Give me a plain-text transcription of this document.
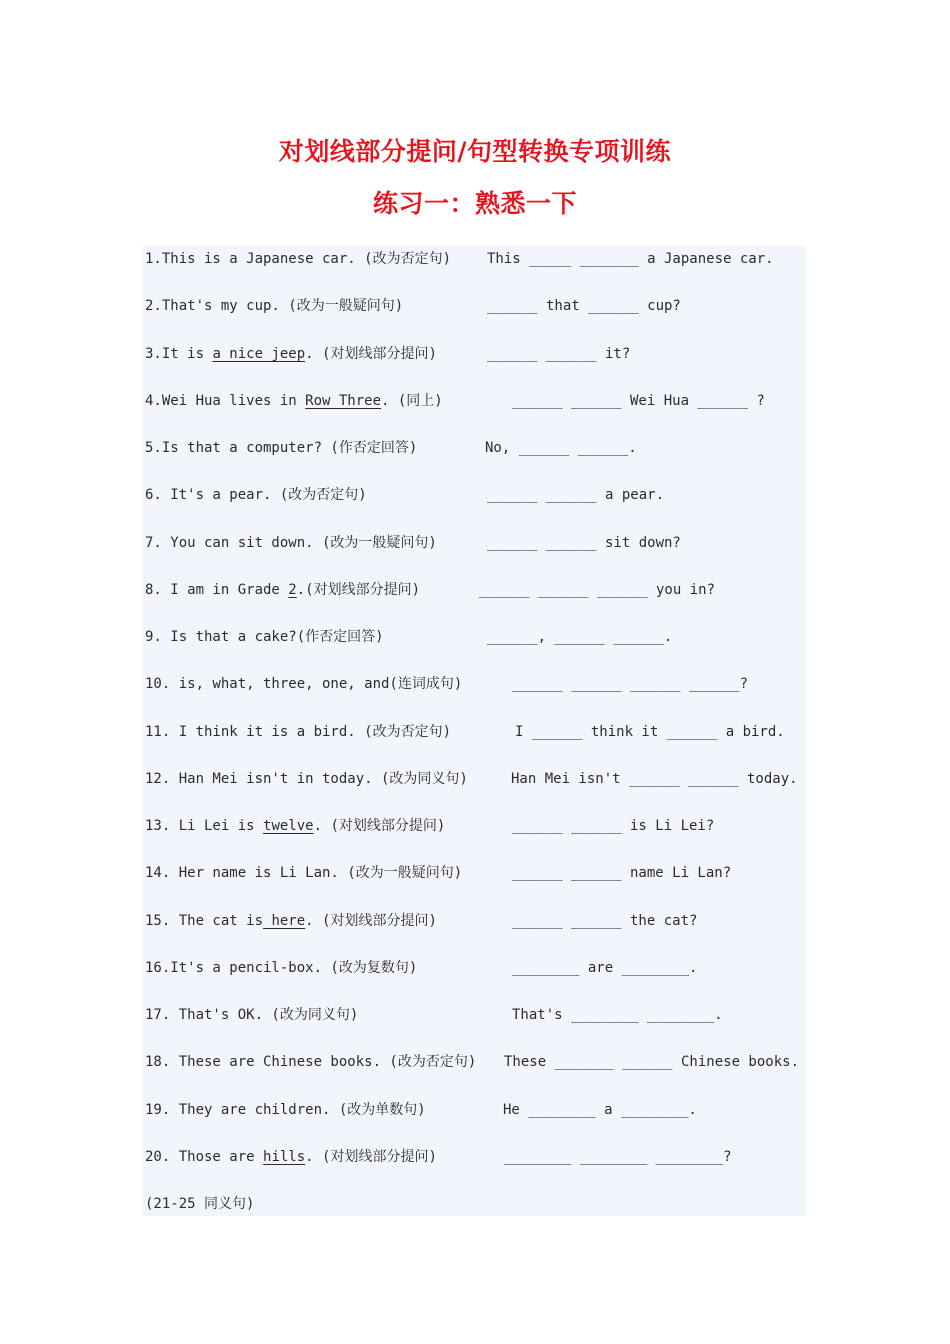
对划线部分提问/句型转换专项训练
练习一：熟悉一下
1.This is a Japanese car. (改为否定句)	This _____ _______ a Japanese car.
2.That's my cup. (改为一般疑问句)	______ that ______ cup?
3.It is a nice jeep. (对划线部分提问)	______ ______ it?
4.Wei Hua lives in Row Three. (同上)	______ ______ Wei Hua ______ ?
5.Is that a computer? (作否定回答)	No, ______ ______.
6. It's a pear. (改为否定句)	______ ______ a pear.
7. You can sit down. (改为一般疑问句)	______ ______ sit down?
8. I am in Grade 2.(对划线部分提问)	______ ______ ______ you in?
9. Is that a cake?(作否定回答)	______, ______ ______.
10. is, what, three, one, and(连词成句)	______ ______ ______ ______?
11. I think it is a bird. (改为否定句)	I ______ think it ______ a bird.
12. Han Mei isn't in today. (改为同义句)	Han Mei isn't ______ ______ today.
13. Li Lei is twelve. (对划线部分提问)	______ ______ is Li Lei?
14. Her name is Li Lan. (改为一般疑问句)	______ ______ name Li Lan?
15. The cat is here. (对划线部分提问)	______ ______ the cat?
16.It's a pencil-box. (改为复数句)	________ are ________.
17. That's OK. (改为同义句)	That's ________ ________.
18. These are Chinese books. (改为否定句) These _______ ______ Chinese books.
19. They are children. (改为单数句)	He ________ a ________.
20. Those are hills. (对划线部分提问)	________ ________ ________?
(21-25 同义句)
